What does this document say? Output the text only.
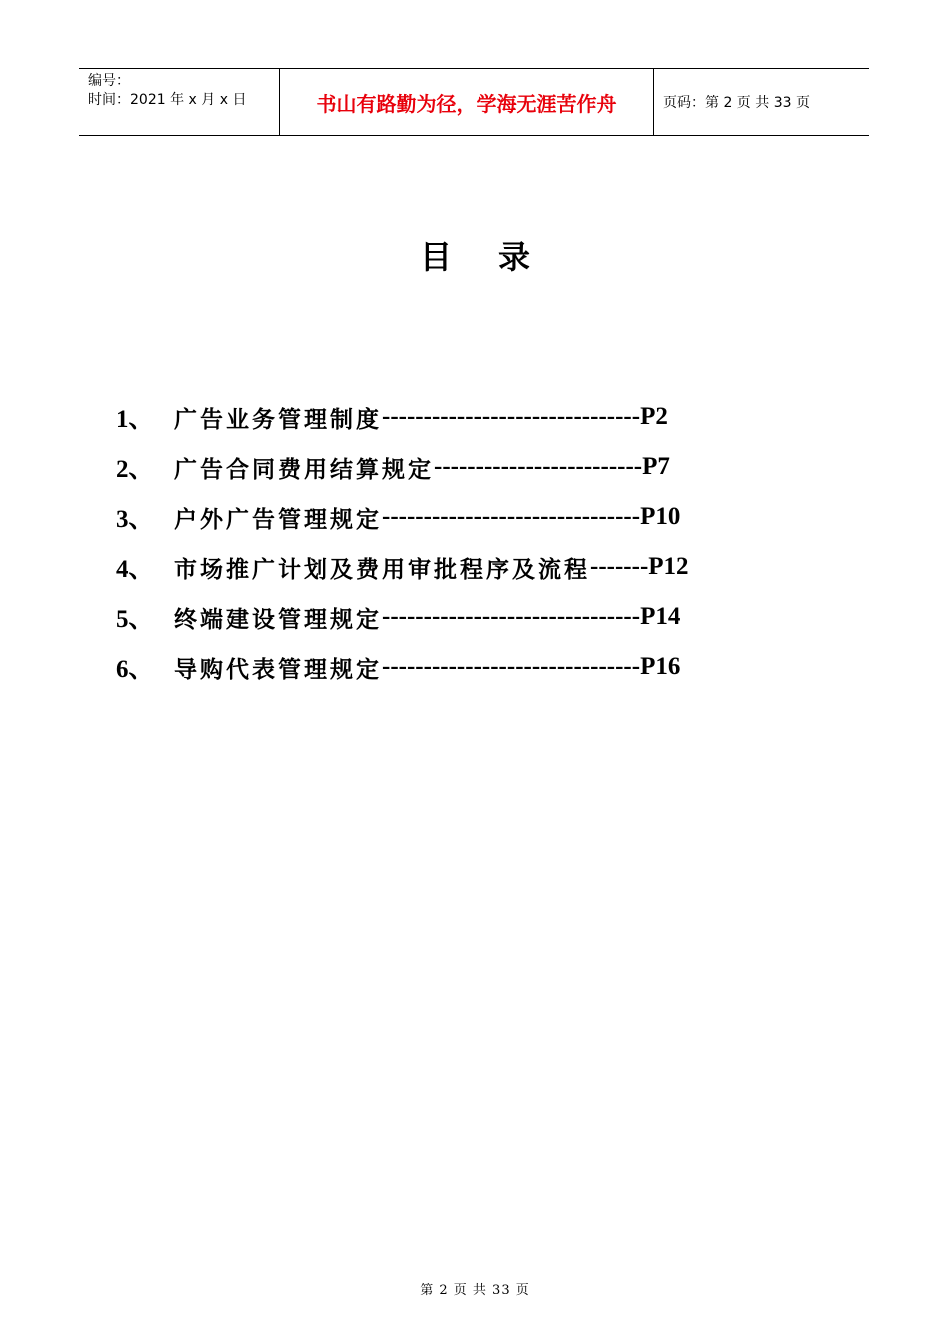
编号：
时间：2021 年 x 月 x 日	书山有路勤为径，学海无涯苦作舟	页码：第 2 页 共 33 页
目录
1、 广告业务管理制度 ------------------------------- P2
2、 广告合同费用结算规定 ------------------------- P7
3、 户外广告管理规定 ------------------------------- P10
4、 市场推广计划及费用审批程序及流程 ------- P12
5、 终端建设管理规定 ------------------------------- P14
6、 导购代表管理规定 ------------------------------- P16
第 2 页 共 33 页
